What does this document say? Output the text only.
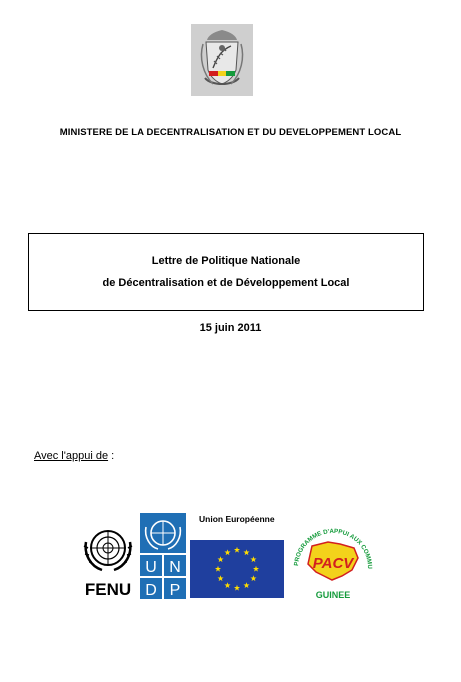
MINISTERE DE LA DECENTRALISATION ET DU DEVELOPPEMENT LOCAL
Lettre de Politique Nationale
de Décentralisation et de Développement Local
15 juin 2011
Avec l'appui de :
FENU
U N
D P
Union Européenne
PROGRAMME D'APPUI AUX COMMU
PACV
GUINEE
